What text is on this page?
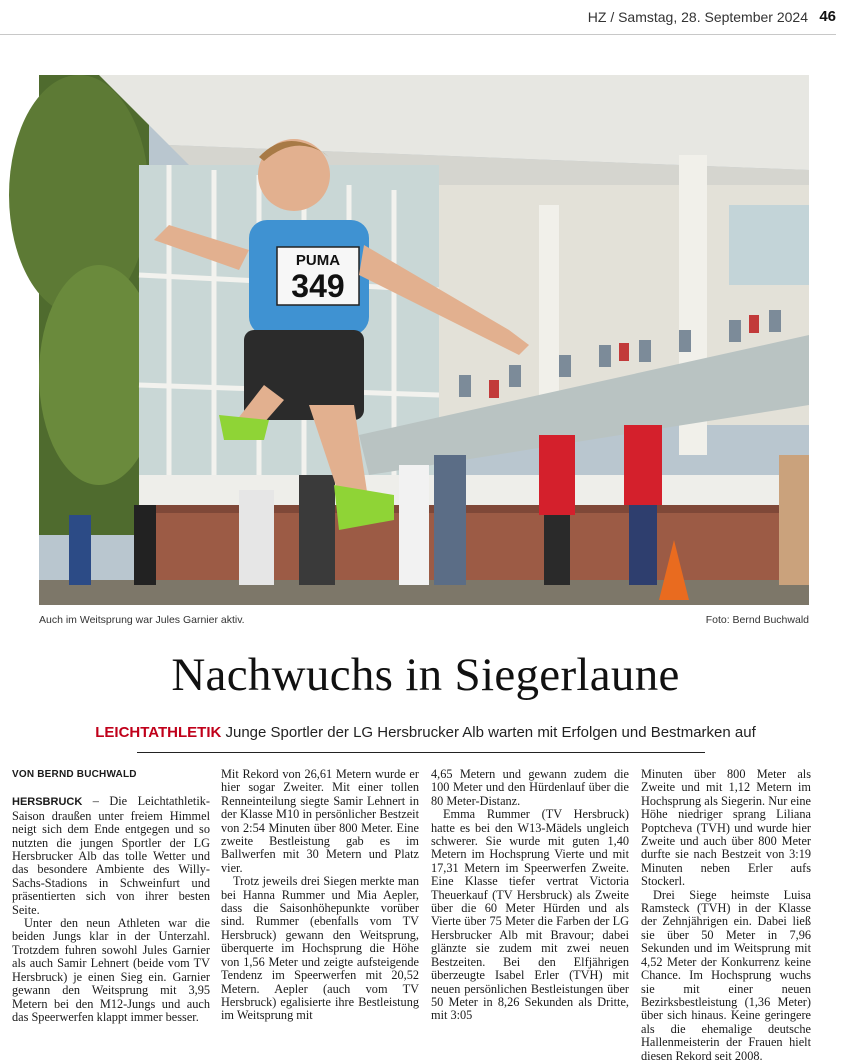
HZ / Samstag, 28. September 2024 46
PUMA
349
Auch im Weitsprung war Jules Garnier aktiv.	Foto: Bernd Buchwald
Nachwuchs in Siegerlaune
LEICHTATHLETIK Junge Sportler der LG Hersbrucker Alb warten mit Erfolgen und Bestmarken auf
VON BERND BUCHWALD

HERSBRUCK – Die Leichtathletik-Saison draußen unter freiem Himmel neigt sich dem Ende entgegen und so nutzten die jungen Sportler der LG Hersbrucker Alb das tolle Wetter und das besondere Ambiente des Willy-Sachs-Stadions in Schweinfurt und präsentierten sich von ihrer besten Seite.

Unter den neun Athleten war die beiden Jungs klar in der Unterzahl. Trotzdem fuhren sowohl Jules Garnier als auch Samir Lehnert (beide vom TV Hersbruck) je einen Sieg ein. Garnier gewann den Weitsprung mit 3,95 Metern bei den M12-Jungs und auch das Speerwerfen klappt immer besser.

Mit Rekord von 26,61 Metern wurde er hier sogar Zweiter. Mit einer tollen Renneinteilung siegte Samir Lehnert in der Klasse M10 in persönlicher Bestzeit von 2:54 Minuten über 800 Meter. Eine zweite Bestleistung gab es im Ballwerfen mit 30 Metern und Platz vier.

Trotz jeweils drei Siegen merkte man bei Hanna Rummer und Mia Aepler, dass die Saisonhöhepunkte vorüber sind. Rummer (ebenfalls vom TV Hersbruck) gewann den Weitsprung, überquerte im Hochsprung die Höhe von 1,56 Meter und zeigte aufsteigende Tendenz im Speerwerfen mit 20,52 Metern. Aepler (auch vom TV Hersbruck) egalisierte ihre Bestleistung im Weitsprung mit

4,65 Metern und gewann zudem die 100 Meter und den Hürdenlauf über die 80 Meter-Distanz.

Emma Rummer (TV Hersbruck) hatte es bei den W13-Mädels ungleich schwerer. Sie wurde mit guten 1,40 Metern im Hochsprung Vierte und mit 17,31 Metern im Speerwerfen Zweite. Eine Klasse tiefer vertrat Victoria Theuerkauf (TV Hersbruck) als Zweite über die 60 Meter Hürden und als Vierte über 75 Meter die Farben der LG Hersbrucker Alb mit Bravour; dabei glänzte sie zudem mit zwei neuen Bestzeiten. Bei den Elfjährigen überzeugte Isabel Erler (TVH) mit neuen persönlichen Bestleistungen über 50 Meter in 8,26 Sekunden als Dritte, mit 3:05

Minuten über 800 Meter als Zweite und mit 1,12 Metern im Hochsprung als Siegerin. Nur eine Höhe niedriger sprang Liliana Poptcheva (TVH) und wurde hier Zweite und auch über 800 Meter durfte sie nach Bestzeit von 3:19 Minuten neben Erler aufs Stockerl.

Drei Siege heimste Luisa Ramsteck (TVH) in der Klasse der Zehnjährigen ein. Dabei ließ sie über 50 Meter in 7,96 Sekunden und im Weitsprung mit 4,52 Meter der Konkurrenz keine Chance. Im Hochsprung wuchs sie mit einer neuen Bezirksbestleistung (1,36 Meter) über sich hinaus. Keine geringere als die ehemalige deutsche Hallenmeisterin der Frauen hielt diesen Rekord seit 2008.
